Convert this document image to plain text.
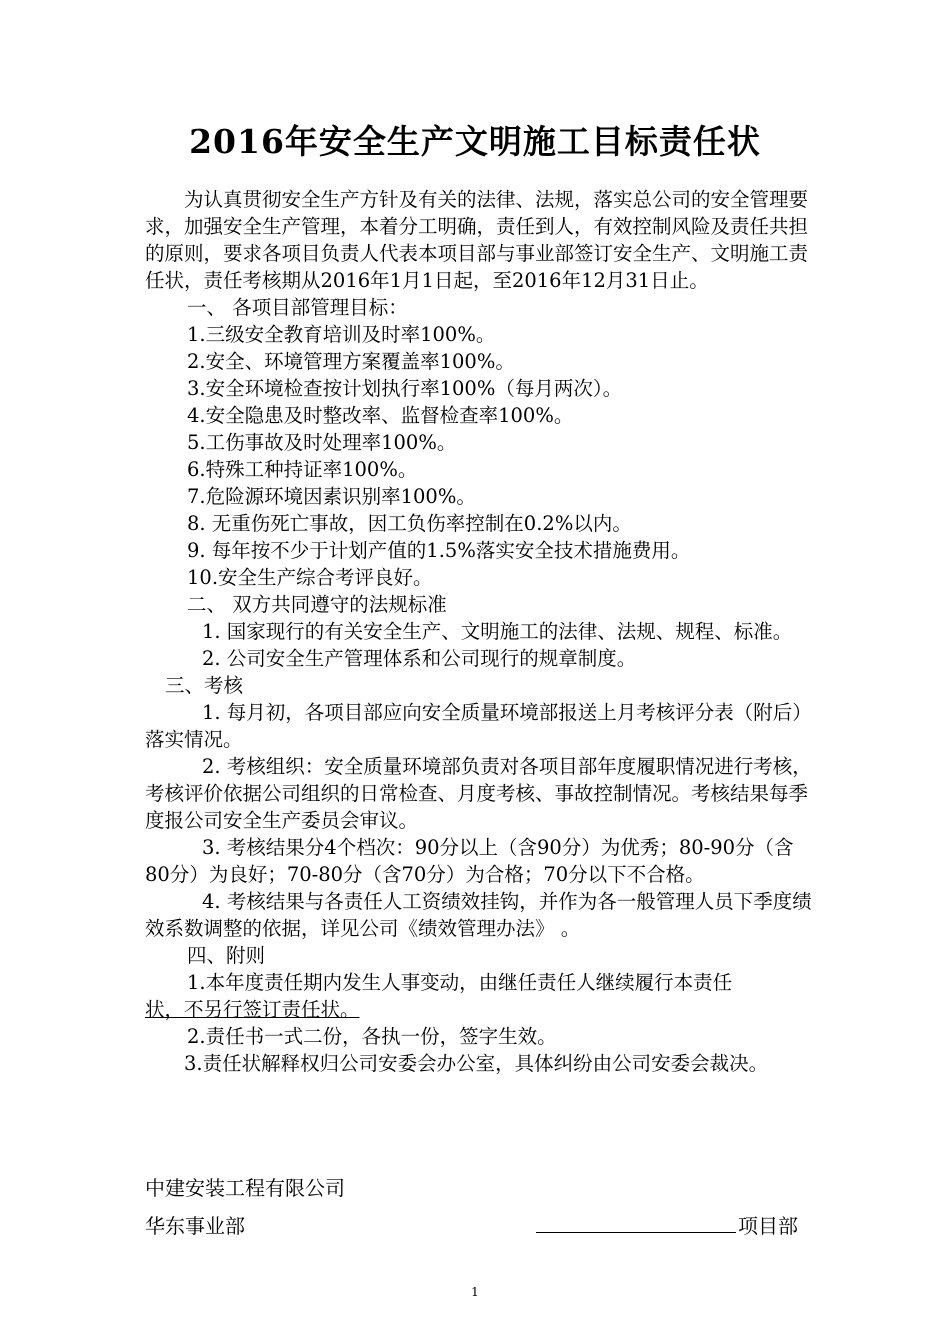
2016年安全生产文明施工目标责任状

为认真贯彻安全生产方针及有关的法律、法规，落实总公司的安全管理要求，加强安全生产管理，本着分工明确，责任到人，有效控制风险及责任共担的原则，要求各项目负责人代表本项目部与事业部签订安全生产、文明施工责任状，责任考核期从2016年1月1日起，至2016年12月31日止。

一、 各项目部管理目标：

1.三级安全教育培训及时率100%。

2.安全、环境管理方案覆盖率100%。

3.安全环境检查按计划执行率100%（每月两次）。

4.安全隐患及时整改率、监督检查率100%。

5.工伤事故及时处理率100%。

6.特殊工种持证率100%。

7.危险源环境因素识别率100%。

8. 无重伤死亡事故，因工负伤率控制在0.2%以内。

9. 每年按不少于计划产值的1.5%落实安全技术措施费用。

10.安全生产综合考评良好。

二、 双方共同遵守的法规标准

1. 国家现行的有关安全生产、文明施工的法律、法规、规程、标准。

2. 公司安全生产管理体系和公司现行的规章制度。

三、考核

1. 每月初，各项目部应向安全质量环境部报送上月考核评分表（附后）落实情况。

2. 考核组织：安全质量环境部负责对各项目部年度履职情况进行考核，考核评价依据公司组织的日常检查、月度考核、事故控制情况。考核结果每季度报公司安全生产委员会审议。

3. 考核结果分4个档次：90分以上（含90分）为优秀；80-90分（含80分）为良好；70-80分（含70分）为合格；70分以下不合格。

4. 考核结果与各责任人工资绩效挂钩，并作为各一般管理人员下季度绩效系数调整的依据，详见公司《绩效管理办法》 。

四、附则

1.本年度责任期内发生人事变动，由继任责任人继续履行本责任

状，不另行签订责任状。

2.责任书一式二份，各执一份，签字生效。

3.责任状解释权归公司安委会办公室，具体纠纷由公司安委会裁决。

中建安装工程有限公司
华东事业部	项目部
1
